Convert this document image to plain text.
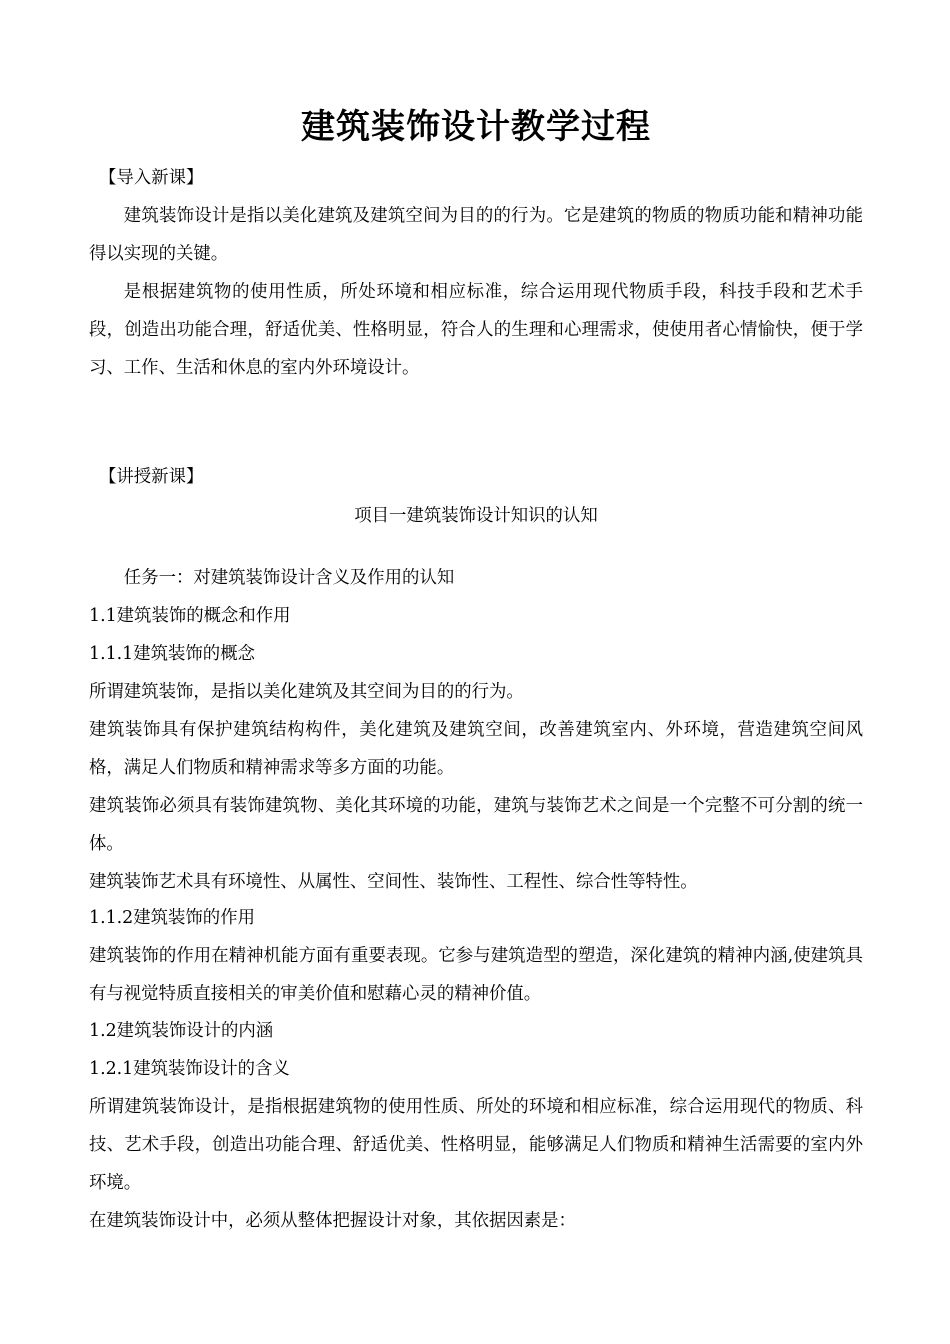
建筑装饰设计教学过程

【导入新课】

建筑装饰设计是指以美化建筑及建筑空间为目的的行为。它是建筑的物质的物质功能和精神功能得以实现的关键。

是根据建筑物的使用性质，所处环境和相应标准，综合运用现代物质手段，科技手段和艺术手段，创造出功能合理，舒适优美、性格明显，符合人的生理和心理需求，使使用者心情愉快，便于学习、工作、生活和休息的室内外环境设计。

【讲授新课】

项目一建筑装饰设计知识的认知

任务一：对建筑装饰设计含义及作用的认知

1.1建筑装饰的概念和作用

1.1.1建筑装饰的概念

所谓建筑装饰，是指以美化建筑及其空间为目的的行为。

建筑装饰具有保护建筑结构构件，美化建筑及建筑空间，改善建筑室内、外环境，营造建筑空间风格，满足人们物质和精神需求等多方面的功能。

建筑装饰必须具有装饰建筑物、美化其环境的功能，建筑与装饰艺术之间是一个完整不可分割的统一体。

建筑装饰艺术具有环境性、从属性、空间性、装饰性、工程性、综合性等特性。

1.1.2建筑装饰的作用

建筑装饰的作用在精神机能方面有重要表现。它参与建筑造型的塑造，深化建筑的精神内涵,使建筑具有与视觉特质直接相关的审美价值和慰藉心灵的精神价值。

1.2建筑装饰设计的内涵

1.2.1建筑装饰设计的含义

所谓建筑装饰设计，是指根据建筑物的使用性质、所处的环境和相应标准，综合运用现代的物质、科技、艺术手段，创造出功能合理、舒适优美、性格明显，能够满足人们物质和精神生活需要的室内外环境。

在建筑装饰设计中，必须从整体把握设计对象，其依据因素是：
